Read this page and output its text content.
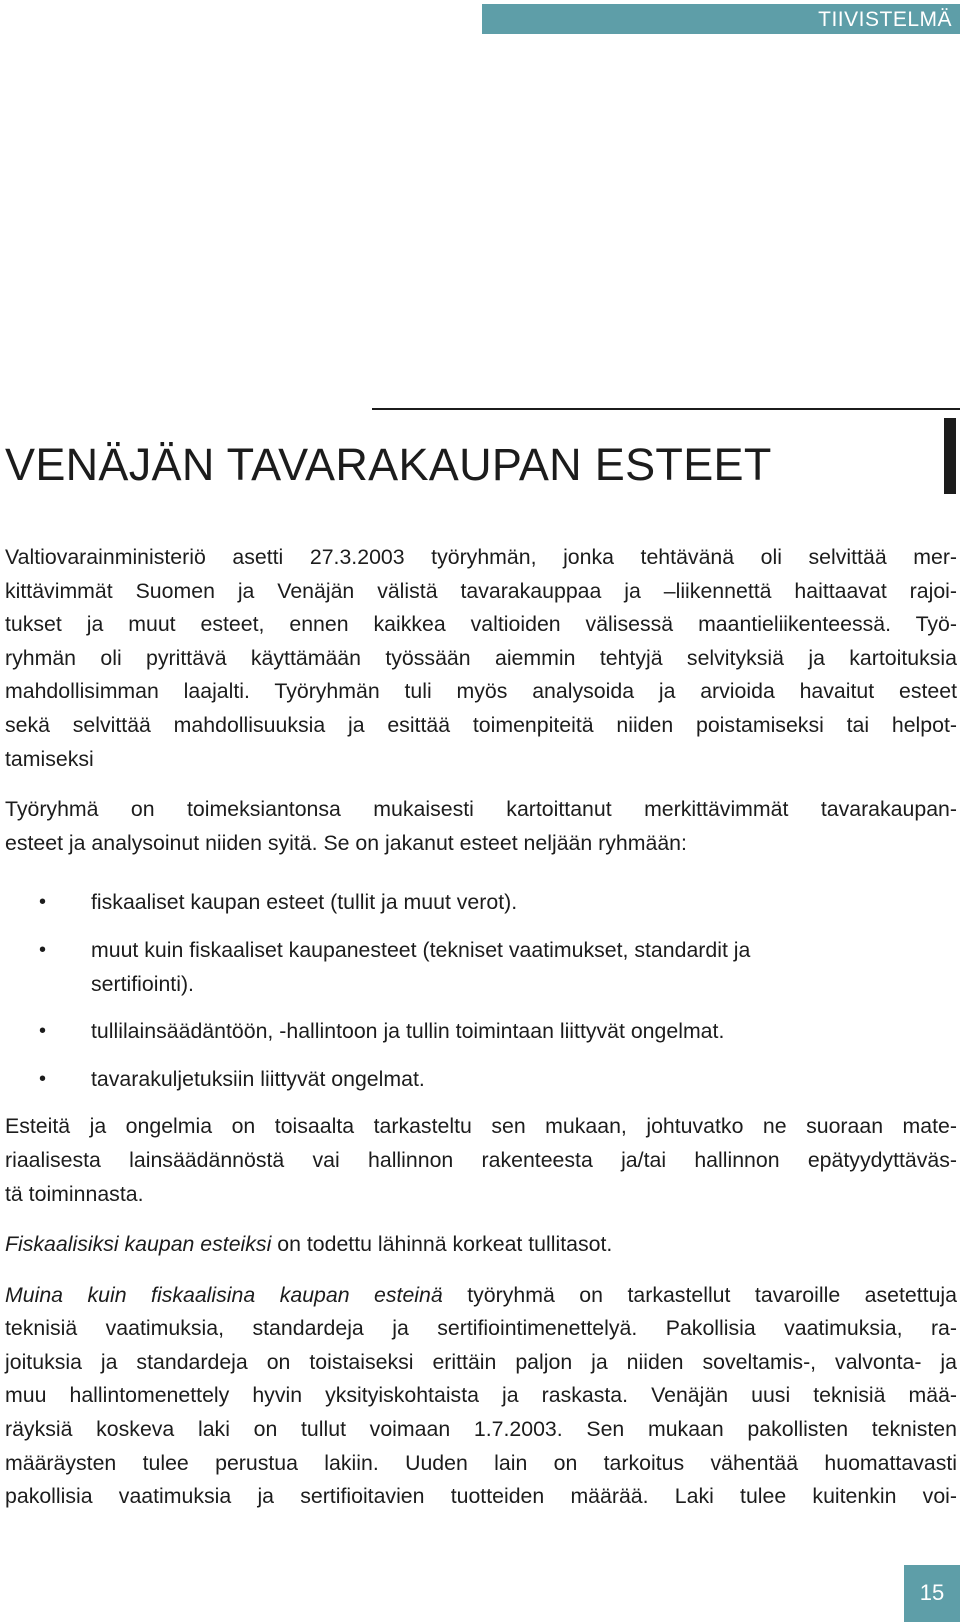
TIIVISTELMÄ
VENÄJÄN TAVARAKAUPAN ESTEET

Valtiovarainministeriö asetti 27.3.2003 työryhmän, jonka tehtävänä oli selvittää mer-
kittävimmät Suomen ja Venäjän välistä tavarakauppaa ja –liikennettä haittaavat rajoi-
tukset ja muut esteet, ennen kaikkea valtioiden välisessä maantieliikenteessä. Työ-
ryhmän oli pyrittävä käyttämään työssään aiemmin tehtyjä selvityksiä ja kartoituksia
mahdollisimman laajalti. Työryhmän tuli myös analysoida ja arvioida havaitut esteet
sekä selvittää mahdollisuuksia ja esittää toimenpiteitä niiden poistamiseksi tai helpot-
tamiseksi

Työryhmä on toimeksiantonsa mukaisesti kartoittanut merkittävimmät tavarakaupan-
esteet ja analysoinut niiden syitä. Se on jakanut esteet neljään ryhmään:

• fiskaaliset kaupan esteet (tullit ja muut verot).
• muut kuin fiskaaliset kaupanesteet (tekniset vaatimukset, standardit ja
sertifiointi).
• tullilainsäädäntöön, -hallintoon ja tullin toimintaan liittyvät ongelmat.
• tavarakuljetuksiin liittyvät ongelmat.

Esteitä ja ongelmia on toisaalta tarkasteltu sen mukaan, johtuvatko ne suoraan mate-
riaalisesta lainsäädännöstä vai hallinnon rakenteesta ja/tai hallinnon epätyydyttäväs-
tä toiminnasta.

Fiskaalisiksi kaupan esteiksi on todettu lähinnä korkeat tullitasot.

Muina kuin fiskaalisina kaupan esteinä työryhmä on tarkastellut tavaroille asetettuja
teknisiä vaatimuksia, standardeja ja sertifiointimenettelyä. Pakollisia vaatimuksia, ra-
joituksia ja standardeja on toistaiseksi erittäin paljon ja niiden soveltamis-, valvonta- ja
muu hallintomenettely hyvin yksityiskohtaista ja raskasta. Venäjän uusi teknisiä mää-
räyksiä koskeva laki on tullut voimaan 1.7.2003. Sen mukaan pakollisten teknisten
määräysten tulee perustua lakiin. Uuden lain on tarkoitus vähentää huomattavasti
pakollisia vaatimuksia ja sertifioitavien tuotteiden määrää. Laki tulee kuitenkin voi-

15
